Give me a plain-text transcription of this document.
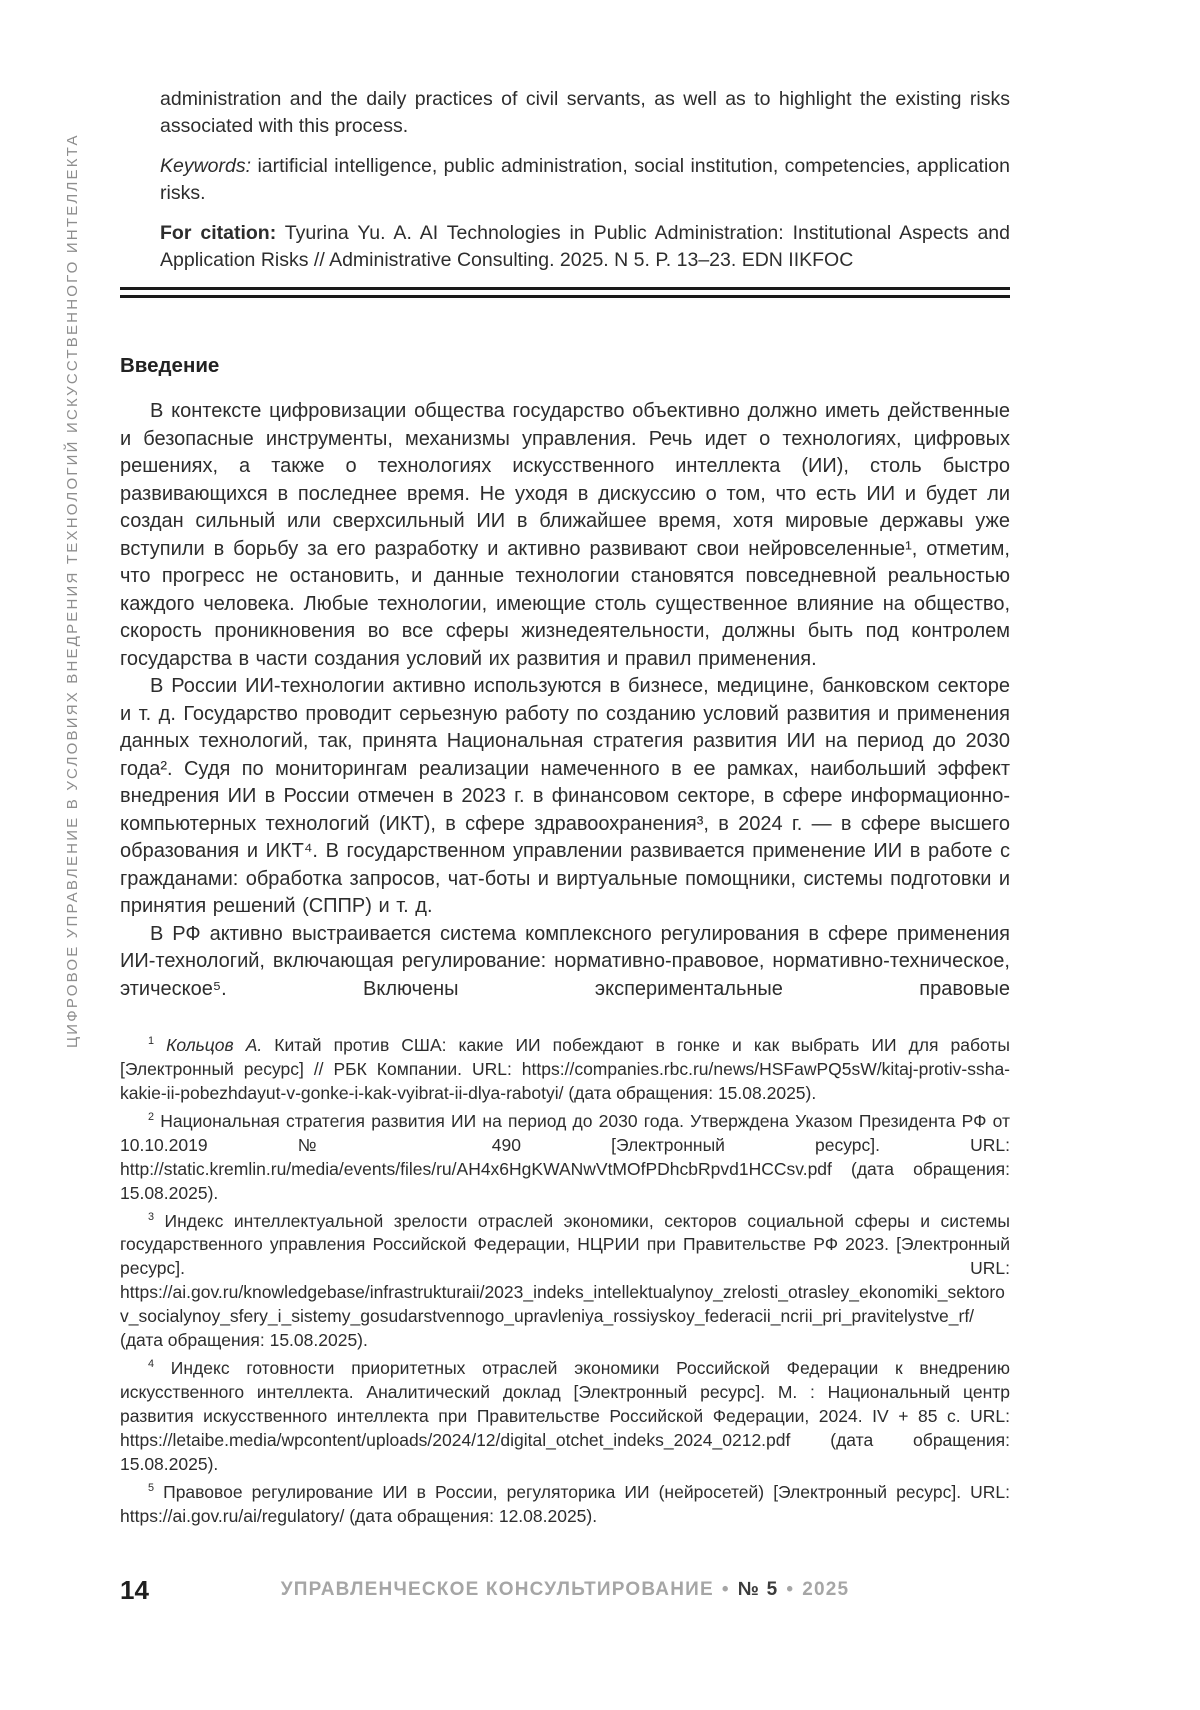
ЦИФРОВОЕ УПРАВЛЕНИЕ В УСЛОВИЯХ ВНЕДРЕНИЯ ТЕХНОЛОГИЙ ИСКУССТВЕННОГО ИНТЕЛЛЕКТА

administration and the daily practices of civil servants, as well as to highlight the existing risks associated with this process.

Keywords: iartificial intelligence, public administration, social institution, competencies, application risks.

For citation: Tyurina Yu. A. AI Technologies in Public Administration: Institutional Aspects and Application Risks // Administrative Consulting. 2025. N 5. P. 13–23. EDN IIKFOC

Введение

В контексте цифровизации общества государство объективно должно иметь действенные и безопасные инструменты, механизмы управления. Речь идет о технологиях, цифровых решениях, а также о технологиях искусственного интеллекта (ИИ), столь быстро развивающихся в последнее время. Не уходя в дискуссию о том, что есть ИИ и будет ли создан сильный или сверхсильный ИИ в ближайшее время, хотя мировые державы уже вступили в борьбу за его разработку и активно развивают свои нейровселенные¹, отметим, что прогресс не остановить, и данные технологии становятся повседневной реальностью каждого человека. Любые технологии, имеющие столь существенное влияние на общество, скорость проникновения во все сферы жизнедеятельности, должны быть под контролем государства в части создания условий их развития и правил применения.

В России ИИ-технологии активно используются в бизнесе, медицине, банковском секторе и т. д. Государство проводит серьезную работу по созданию условий развития и применения данных технологий, так, принята Национальная стратегия развития ИИ на период до 2030 года². Судя по мониторингам реализации намеченного в ее рамках, наибольший эффект внедрения ИИ в России отмечен в 2023 г. в финансовом секторе, в сфере информационно-компьютерных технологий (ИКТ), в сфере здравоохранения³, в 2024 г. — в сфере высшего образования и ИКТ⁴. В государственном управлении развивается применение ИИ в работе с гражданами: обработка запросов, чат-боты и виртуальные помощники, системы подготовки и принятия решений (СППР) и т. д.

В РФ активно выстраивается система комплексного регулирования в сфере применения ИИ-технологий, включающая регулирование: нормативно-правовое, нормативно-техническое, этическое⁵. Включены экспериментальные правовые

$^1$ Кольцов А. Китай против США: какие ИИ побеждают в гонке и как выбрать ИИ для работы [Электронный ресурс] // РБК Компании. URL: https://companies.rbc.ru/news/HSFawPQ5sW/kitaj-protiv-ssha-kakie-ii-pobezhdayut-v-gonke-i-kak-vyibrat-ii-dlya-rabotyi/ (дата обращения: 15.08.2025).

$^2$ Национальная стратегия развития ИИ на период до 2030 года. Утверждена Указом Президента РФ от 10.10.2019 № 490 [Электронный ресурс]. URL: http://static.kremlin.ru/media/events/files/ru/AH4x6HgKWANwVtMOfPDhcbRpvd1HCCsv.pdf (дата обращения: 15.08.2025).

$^3$ Индекс интеллектуальной зрелости отраслей экономики, секторов социальной сферы и системы государственного управления Российской Федерации, НЦРИИ при Правительстве РФ 2023. [Электронный ресурс]. URL: https://ai.gov.ru/knowledgebase/infrastrukturaii/2023_indeks_intellektualynoy_zrelosti_otrasley_ekonomiki_sektorov_socialynoy_sfery_i_sistemy_gosudarstvennogo_upravleniya_rossiyskoy_federacii_ncrii_pri_pravitelystve_rf/ (дата обращения: 15.08.2025).

$^4$ Индекс готовности приоритетных отраслей экономики Российской Федерации к внедрению искусственного интеллекта. Аналитический доклад [Электронный ресурс]. М. : Национальный центр развития искусственного интеллекта при Правительстве Российской Федерации, 2024. IV + 85 с. URL: https://letaibe.media/wpcontent/uploads/2024/12/digital_otchet_indeks_2024_0212.pdf (дата обращения: 15.08.2025).

$^5$ Правовое регулирование ИИ в России, регуляторика ИИ (нейросетей) [Электронный ресурс]. URL: https://ai.gov.ru/ai/regulatory/ (дата обращения: 12.08.2025).

14	УПРАВЛЕНЧЕСКОЕ КОНСУЛЬТИРОВАНИЕ • № 5 • 2025
